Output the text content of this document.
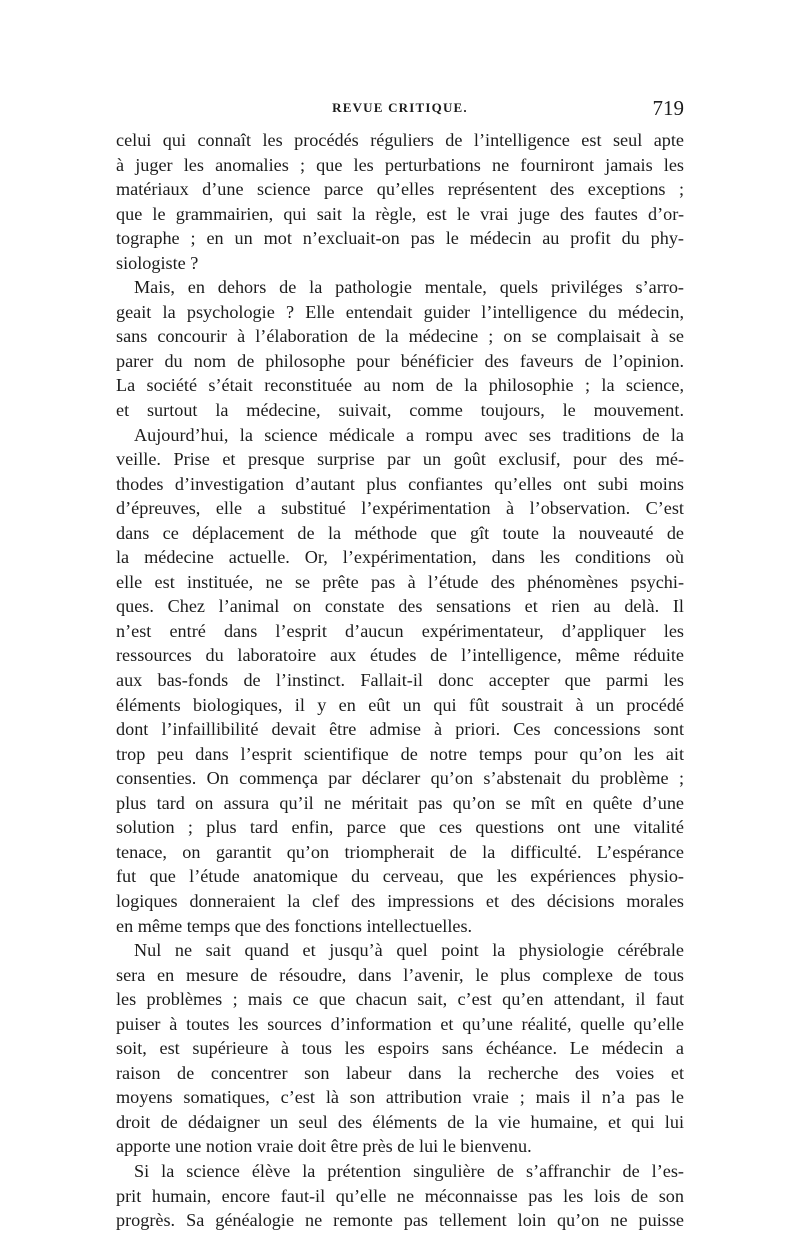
REVUE CRITIQUE.	719
celui qui connaît les procédés réguliers de l’intelligence est seul apte
à juger les anomalies ; que les perturbations ne fourniront jamais les
matériaux d’une science parce qu’elles représentent des exceptions ;
que le grammairien, qui sait la règle, est le vrai juge des fautes d’or-
tographe ; en un mot n’excluait-on pas le médecin au profit du phy-
siologiste ?
Mais, en dehors de la pathologie mentale, quels priviléges s’arro-
geait la psychologie ? Elle entendait guider l’intelligence du médecin,
sans concourir à l’élaboration de la médecine ; on se complaisait à se
parer du nom de philosophe pour bénéficier des faveurs de l’opinion.
La société s’était reconstituée au nom de la philosophie ; la science,
et surtout la médecine, suivait, comme toujours, le mouvement.
Aujourd’hui, la science médicale a rompu avec ses traditions de la
veille. Prise et presque surprise par un goût exclusif, pour des mé-
thodes d’investigation d’autant plus confiantes qu’elles ont subi moins
d’épreuves, elle a substitué l’expérimentation à l’observation. C’est
dans ce déplacement de la méthode que gît toute la nouveauté de
la médecine actuelle. Or, l’expérimentation, dans les conditions où
elle est instituée, ne se prête pas à l’étude des phénomènes psychi-
ques. Chez l’animal on constate des sensations et rien au delà. Il
n’est entré dans l’esprit d’aucun expérimentateur, d’appliquer les
ressources du laboratoire aux études de l’intelligence, même réduite
aux bas-fonds de l’instinct. Fallait-il donc accepter que parmi les
éléments biologiques, il y en eût un qui fût soustrait à un procédé
dont l’infaillibilité devait être admise à priori. Ces concessions sont
trop peu dans l’esprit scientifique de notre temps pour qu’on les ait
consenties. On commença par déclarer qu’on s’abstenait du problème ;
plus tard on assura qu’il ne méritait pas qu’on se mît en quête d’une
solution ; plus tard enfin, parce que ces questions ont une vitalité
tenace, on garantit qu’on triompherait de la difficulté. L’espérance
fut que l’étude anatomique du cerveau, que les expériences physio-
logiques donneraient la clef des impressions et des décisions morales
en même temps que des fonctions intellectuelles.
Nul ne sait quand et jusqu’à quel point la physiologie cérébrale
sera en mesure de résoudre, dans l’avenir, le plus complexe de tous
les problèmes ; mais ce que chacun sait, c’est qu’en attendant, il faut
puiser à toutes les sources d’information et qu’une réalité, quelle qu’elle
soit, est supérieure à tous les espoirs sans échéance. Le médecin a
raison de concentrer son labeur dans la recherche des voies et
moyens somatiques, c’est là son attribution vraie ; mais il n’a pas le
droit de dédaigner un seul des éléments de la vie humaine, et qui lui
apporte une notion vraie doit être près de lui le bienvenu.
Si la science élève la prétention singulière de s’affranchir de l’es-
prit humain, encore faut-il qu’elle ne méconnaisse pas les lois de son
progrès. Sa généalogie ne remonte pas tellement loin qu’on ne puisse
